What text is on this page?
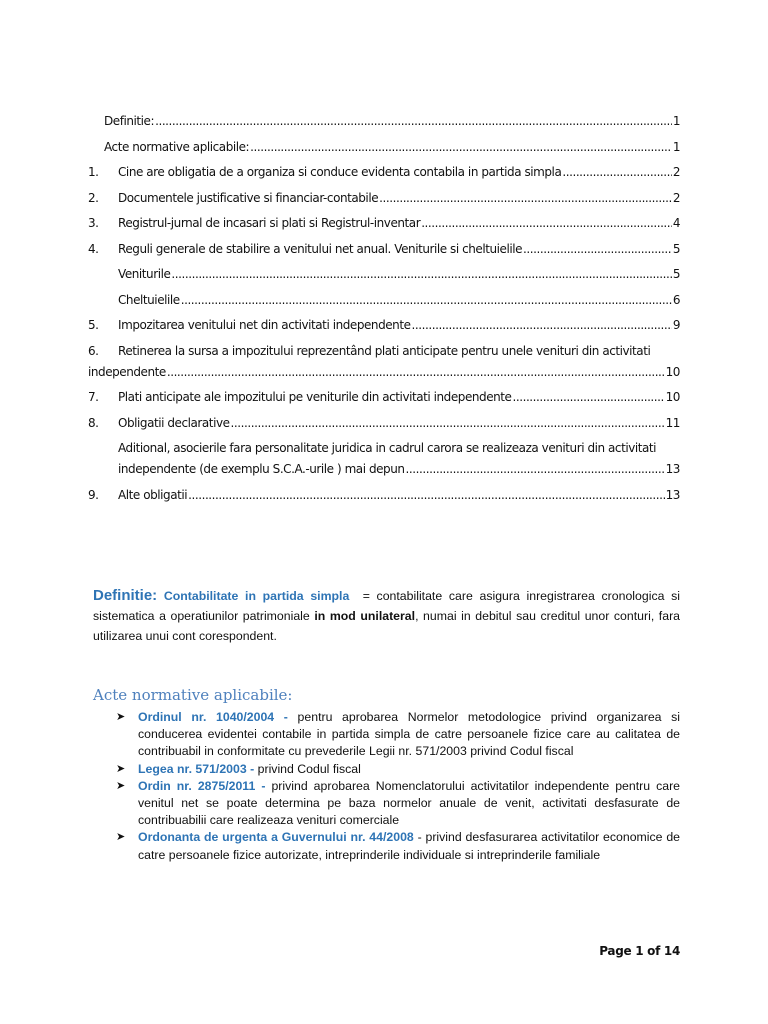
Definitie: .....	1
Acte normative aplicabile: .....	1
1.	Cine are obligatia de a organiza si conduce evidenta contabila in partida simpla .....	2
2.	Documentele justificative si financiar-contabile .....	2
3.	Registrul-jurnal de incasari si plati si Registrul-inventar .....	4
4.	Reguli generale de stabilire a venitului net anual. Veniturile si cheltuielile .....	5
Veniturile .....	5
Cheltuielile .....	6
5.	Impozitarea venitului net din activitati independente .....	9
6.	Retinerea la sursa a impozitului reprezentând plati anticipate pentru unele venituri din activitati
independente .....	10
7.	Plati anticipate ale impozitului pe veniturile din activitati independente .....	10
8.	Obligatii declarative .....	11
Aditional, asocierile fara personalitate juridica in cadrul carora se realizeaza venituri din activitati
independente (de exemplu S.C.A.-urile ) mai depun .....	13
9.	Alte obligatii .....	13
Definitie: Contabilitate in partida simpla = contabilitate care asigura inregistrarea cronologica si sistematica a operatiunilor patrimoniale in mod unilateral, numai in debitul sau creditul unor conturi, fara utilizarea unui cont corespondent.
Acte normative aplicabile:
➤	Ordinul nr. 1040/2004 - pentru aprobarea Normelor metodologice privind organizarea si conducerea evidentei contabile in partida simpla de catre persoanele fizice care au calitatea de contribuabil in conformitate cu prevederile Legii nr. 571/2003 privind Codul fiscal
➤	Legea nr. 571/2003 - privind Codul fiscal
➤	Ordin nr. 2875/2011 - privind aprobarea Nomenclatorului activitatilor independente pentru care venitul net se poate determina pe baza normelor anuale de venit, activitati desfasurate de contribuabilii care realizeaza venituri comerciale
➤	Ordonanta de urgenta a Guvernului nr. 44/2008 - privind desfasurarea activitatilor economice de catre persoanele fizice autorizate, intreprinderile individuale si intreprinderile familiale
Page 1 of 14
